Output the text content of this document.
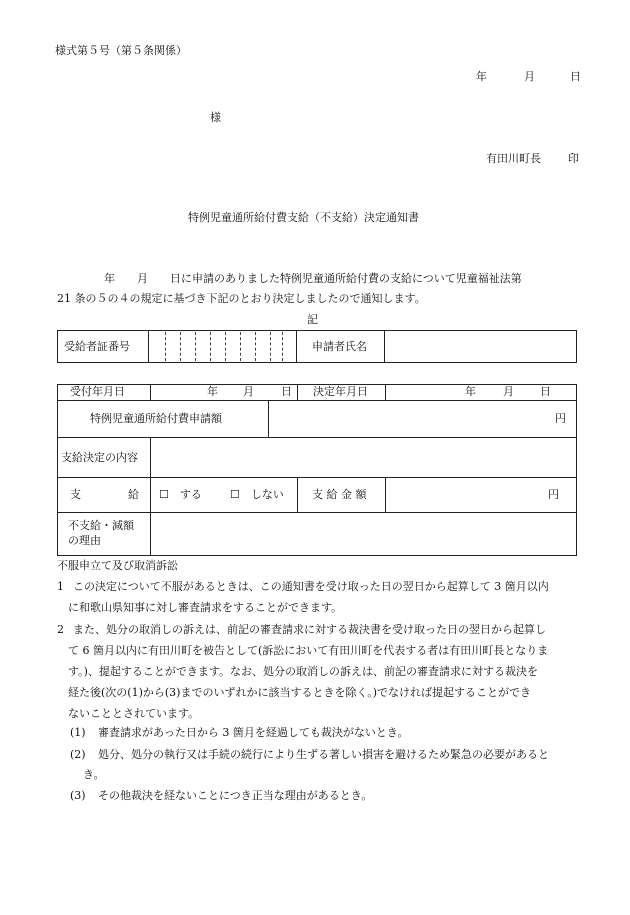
様式第５号（第５条関係）
年	月	日
様
有田川町長 印
特例児童通所給付費支給（不支給）決定通知書
年　　月　　日に申請のありました特例児童通所給付費の支給について児童福祉法第
21 条の５の４の規定に基づき下記のとおり決定しましたので通知します。
記
受給者証番号	申請者氏名
受付年月日	年 月 日 決定年月日	年 月 日
特例児童通所給付費申請額	円
支給決定の内容
支	給 ☐　する	☐　しない	支 給 金 額	円
不支給・減額
の理由
不服申立て及び取消訴訟
1 この決定について不服があるときは、この通知書を受け取った日の翌日から起算して 3 箇月以内
に和歌山県知事に対し審査請求をすることができます。
2 また、処分の取消しの訴えは、前記の審査請求に対する裁決書を受け取った日の翌日から起算し
て 6 箇月以内に有田川町を被告として(訴訟において有田川町を代表する者は有田川町長となりま
す。)、提起することができます。なお、処分の取消しの訴えは、前記の審査請求に対する裁決を
経た後(次の(1)から(3)までのいずれかに該当するときを除く。)でなければ提起することができ
ないこととされています。
(1) 審査請求があった日から 3 箇月を経過しても裁決がないとき。
(2) 処分、処分の執行又は手続の続行により生ずる著しい損害を避けるため緊急の必要があると
き。
(3) その他裁決を経ないことにつき正当な理由があるとき。
